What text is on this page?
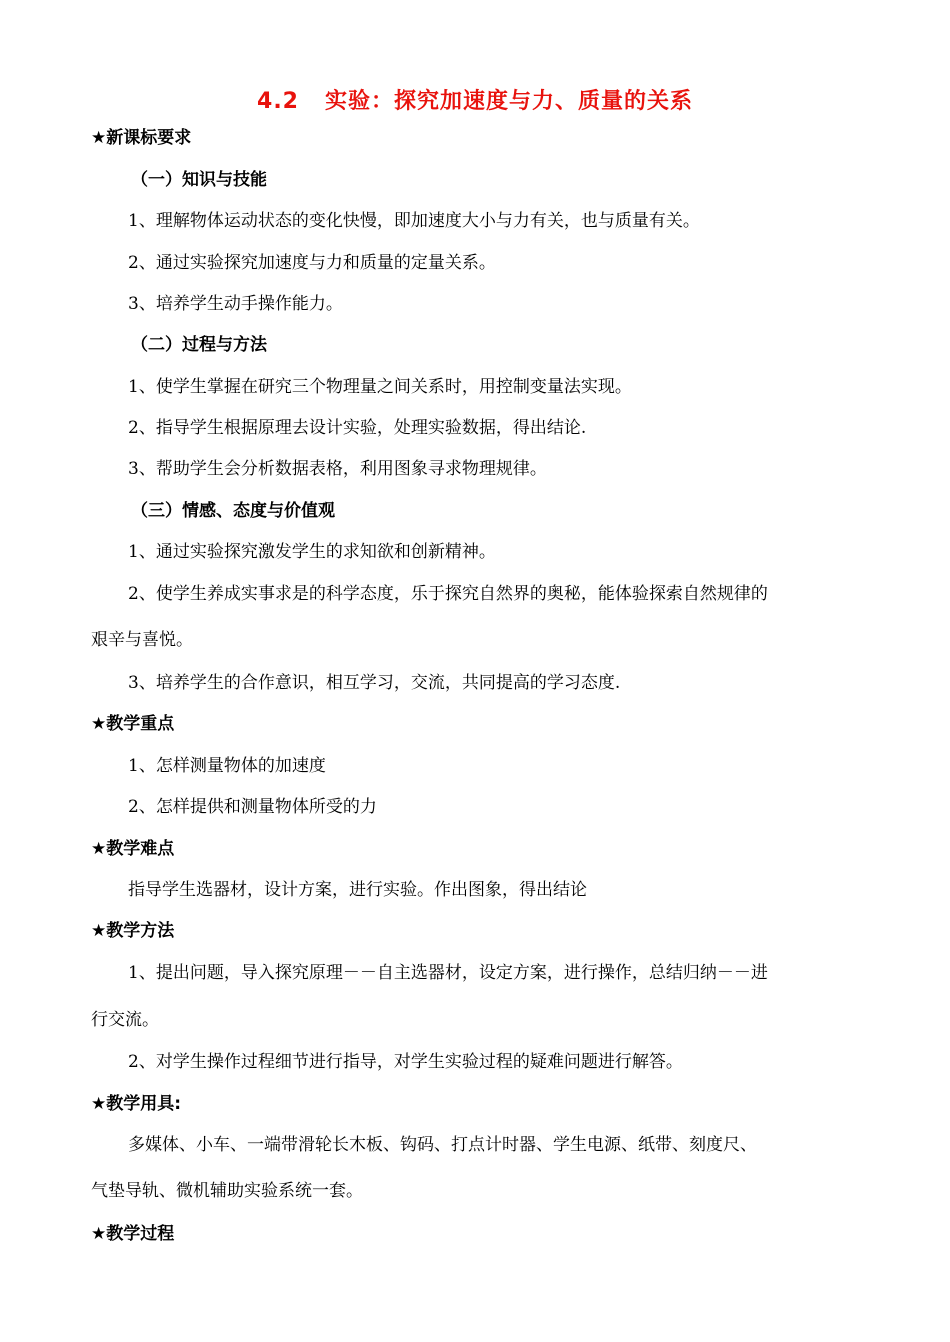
4.2   实验：探究加速度与力、质量的关系
★新课标要求
（一）知识与技能
1、理解物体运动状态的变化快慢，即加速度大小与力有关，也与质量有关。
2、通过实验探究加速度与力和质量的定量关系。
3、培养学生动手操作能力。
（二）过程与方法
1、使学生掌握在研究三个物理量之间关系时，用控制变量法实现。
2、指导学生根据原理去设计实验，处理实验数据，得出结论.
3、帮助学生会分析数据表格，利用图象寻求物理规律。
（三）情感、态度与价值观
1、通过实验探究激发学生的求知欲和创新精神。
2、使学生养成实事求是的科学态度，乐于探究自然界的奥秘，能体验探索自然规律的
艰辛与喜悦。
3、培养学生的合作意识，相互学习，交流，共同提高的学习态度.
★教学重点
1、怎样测量物体的加速度
2、怎样提供和测量物体所受的力
★教学难点
指导学生选器材，设计方案，进行实验。作出图象，得出结论
★教学方法
1、提出问题，导入探究原理－－自主选器材，设定方案，进行操作，总结归纳－－进
行交流。
2、对学生操作过程细节进行指导，对学生实验过程的疑难问题进行解答。
★教学用具:
多媒体、小车、一端带滑轮长木板、钩码、打点计时器、学生电源、纸带、刻度尺、
气垫导轨、微机辅助实验系统一套。
★教学过程
